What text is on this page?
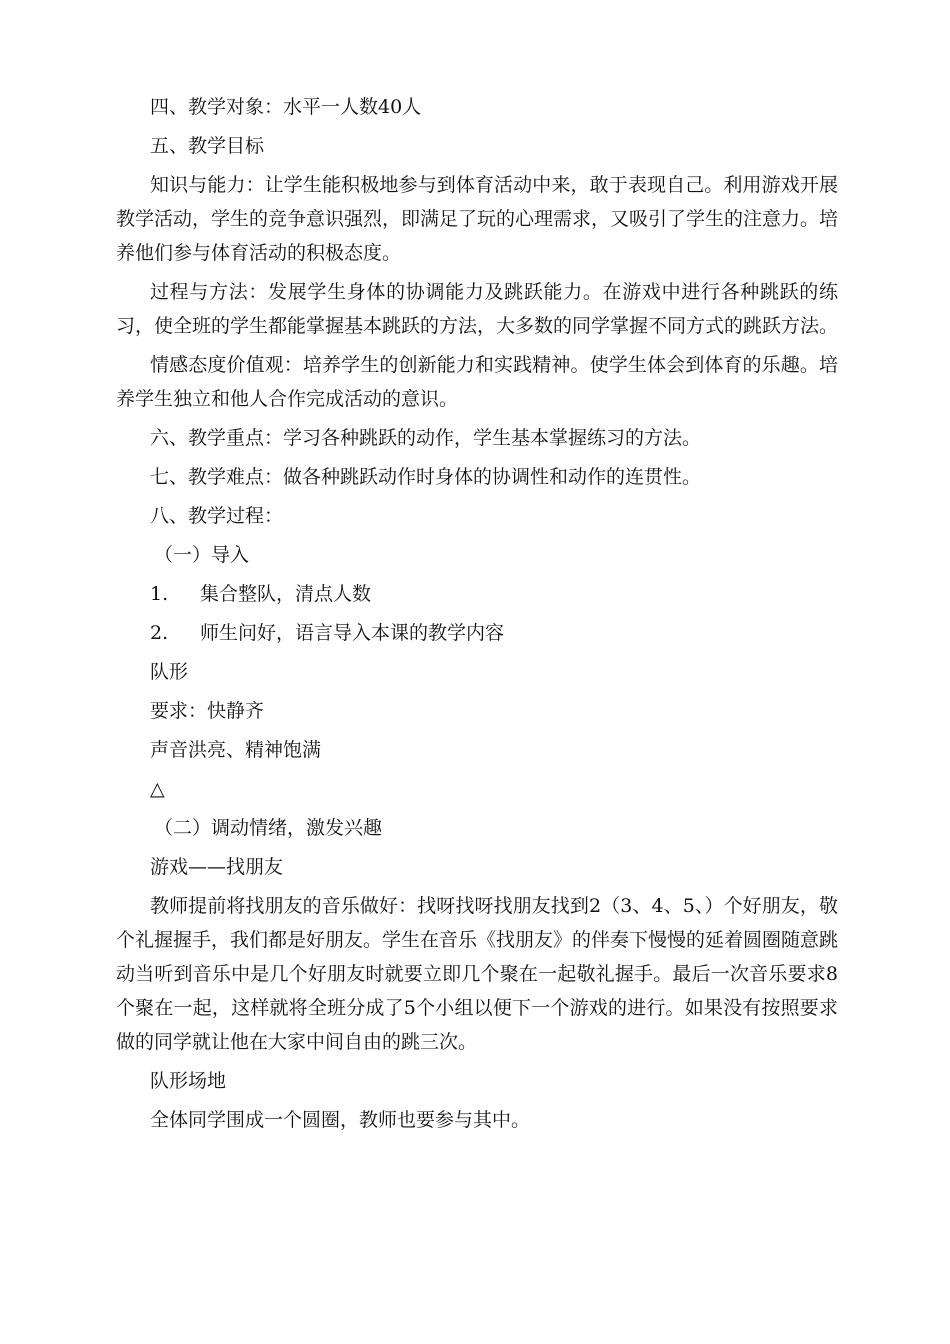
四、教学对象：水平一人数40人

五、教学目标

知识与能力：让学生能积极地参与到体育活动中来，敢于表现自己。利用游戏开展教学活动，学生的竞争意识强烈，即满足了玩的心理需求，又吸引了学生的注意力。培养他们参与体育活动的积极态度。

过程与方法：发展学生身体的协调能力及跳跃能力。在游戏中进行各种跳跃的练习，使全班的学生都能掌握基本跳跃的方法，大多数的同学掌握不同方式的跳跃方法。

情感态度价值观：培养学生的创新能力和实践精神。使学生体会到体育的乐趣。培养学生独立和他人合作完成活动的意识。

六、教学重点：学习各种跳跃的动作，学生基本掌握练习的方法。

七、教学难点：做各种跳跃动作时身体的协调性和动作的连贯性。

八、教学过程：

（一）导入

1. 集合整队，清点人数

2. 师生问好，语言导入本课的教学内容

队形

要求：快静齐

声音洪亮、精神饱满

△

（二）调动情绪，激发兴趣

游戏——找朋友

教师提前将找朋友的音乐做好：找呀找呀找朋友找到2（3、4、5、）个好朋友，敬个礼握握手，我们都是好朋友。学生在音乐《找朋友》的伴奏下慢慢的延着圆圈随意跳动当听到音乐中是几个好朋友时就要立即几个聚在一起敬礼握手。最后一次音乐要求8个聚在一起，这样就将全班分成了5个小组以便下一个游戏的进行。如果没有按照要求做的同学就让他在大家中间自由的跳三次。

队形场地

全体同学围成一个圆圈，教师也要参与其中。
